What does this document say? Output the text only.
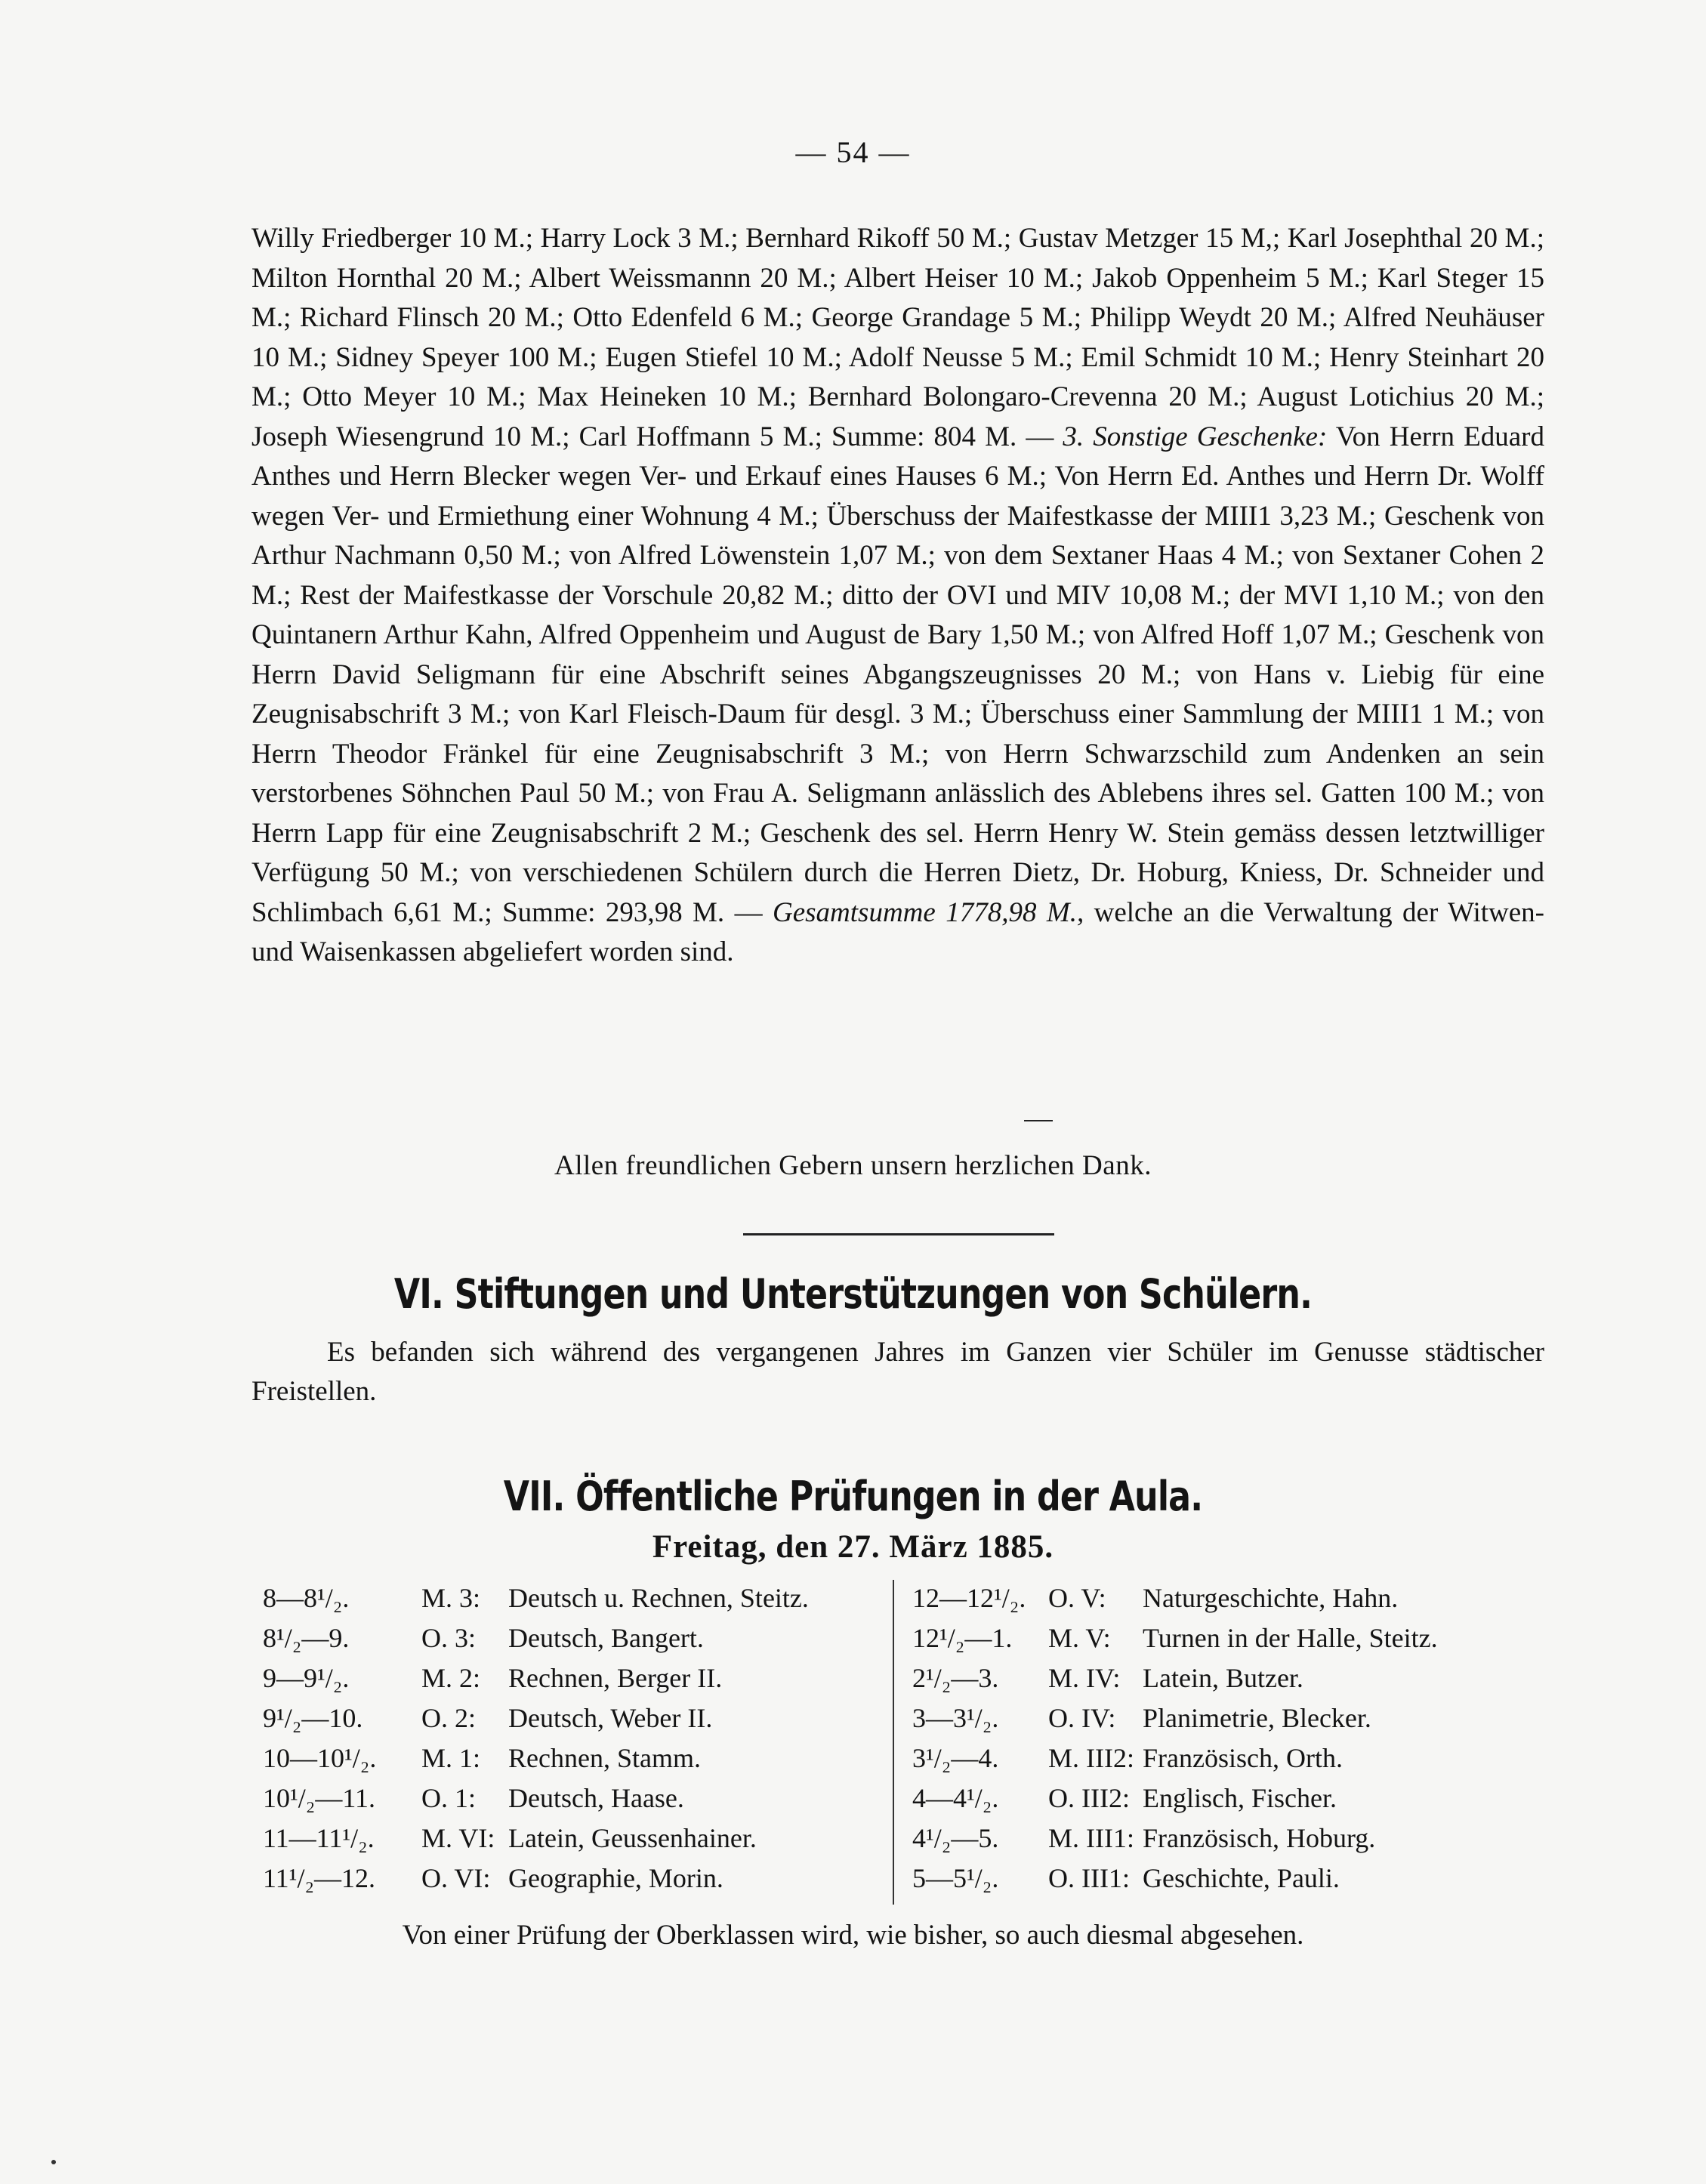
— 54 —

Willy Friedberger 10 M.; Harry Lock 3 M.; Bernhard Rikoff 50 M.; Gustav Metzger 15 M,; Karl Josephthal 20 M.; Milton Hornthal 20 M.; Albert Weissmannn 20 M.; Albert Heiser 10 M.; Jakob Oppenheim 5 M.; Karl Steger 15 M.; Richard Flinsch 20 M.; Otto Edenfeld 6 M.; George Grandage 5 M.; Philipp Weydt 20 M.; Alfred Neuhäuser 10 M.; Sidney Speyer 100 M.; Eugen Stiefel 10 M.; Adolf Neusse 5 M.; Emil Schmidt 10 M.; Henry Steinhart 20 M.; Otto Meyer 10 M.; Max Heineken 10 M.; Bernhard Bolongaro-Crevenna 20 M.; August Lotichius 20 M.; Joseph Wiesengrund 10 M.; Carl Hoffmann 5 M.; Summe: 804 M. — 3. Sonstige Geschenke: Von Herrn Eduard Anthes und Herrn Blecker wegen Ver- und Erkauf eines Hauses 6 M.; Von Herrn Ed. Anthes und Herrn Dr. Wolff wegen Ver- und Ermiethung einer Wohnung 4 M.; Überschuss der Maifestkasse der MIII1 3,23 M.; Geschenk von Arthur Nachmann 0,50 M.; von Alfred Löwenstein 1,07 M.; von dem Sextaner Haas 4 M.; von Sextaner Cohen 2 M.; Rest der Maifestkasse der Vorschule 20,82 M.; ditto der OVI und MIV 10,08 M.; der MVI 1,10 M.; von den Quintanern Arthur Kahn, Alfred Oppenheim und August de Bary 1,50 M.; von Alfred Hoff 1,07 M.; Geschenk von Herrn David Seligmann für eine Abschrift seines Abgangszeugnisses 20 M.; von Hans v. Liebig für eine Zeugnisabschrift 3 M.; von Karl Fleisch-Daum für desgl. 3 M.; Überschuss einer Sammlung der MIII1 1 M.; von Herrn Theodor Fränkel für eine Zeugnisabschrift 3 M.; von Herrn Schwarzschild zum Andenken an sein verstorbenes Söhnchen Paul 50 M.; von Frau A. Seligmann anlässlich des Ablebens ihres sel. Gatten 100 M.; von Herrn Lapp für eine Zeugnisabschrift 2 M.; Geschenk des sel. Herrn Henry W. Stein gemäss dessen letztwilliger Verfügung 50 M.; von verschiedenen Schülern durch die Herren Dietz, Dr. Hoburg, Kniess, Dr. Schneider und Schlimbach 6,61 M.; Summe: 293,98 M. — Gesamtsumme 1778,98 M., welche an die Verwaltung der Witwen- und Waisenkassen abgeliefert worden sind.

Allen freundlichen Gebern unsern herzlichen Dank.
VI. Stiftungen und Unterstützungen von Schülern.

Es befanden sich während des vergangenen Jahres im Ganzen vier Schüler im Genusse städtischer Freistellen.

VII. Öffentliche Prüfungen in der Aula.
Freitag, den 27. März 1885.
8—8¹/₂.	M. 3:	Deutsch u. Rechnen, Steitz.
8¹/₂—9.	O. 3:	Deutsch, Bangert.
9—9¹/₂.	M. 2:	Rechnen, Berger II.
9¹/₂—10.	O. 2:	Deutsch, Weber II.
10—10¹/₂.	M. 1:	Rechnen, Stamm.
10¹/₂—11.	O. 1:	Deutsch, Haase.
11—11¹/₂.	M. VI: Latein, Geussenhainer.
11¹/₂—12.	O. VI: Geographie, Morin.
12—12¹/₂. O. V:	Naturgeschichte, Hahn.
12¹/₂—1.	M. V:	Turnen in der Halle, Steitz.
2¹/₂—3.	M. IV: Latein, Butzer.
3—3¹/₂.	O. IV: Planimetrie, Blecker.
3¹/₂—4.	M. III2: Französisch, Orth.
4—4¹/₂.	O. III2: Englisch, Fischer.
4¹/₂—5.	M. III1: Französisch, Hoburg.
5—5¹/₂.	O. III1: Geschichte, Pauli.
Von einer Prüfung der Oberklassen wird, wie bisher, so auch diesmal abgesehen.
